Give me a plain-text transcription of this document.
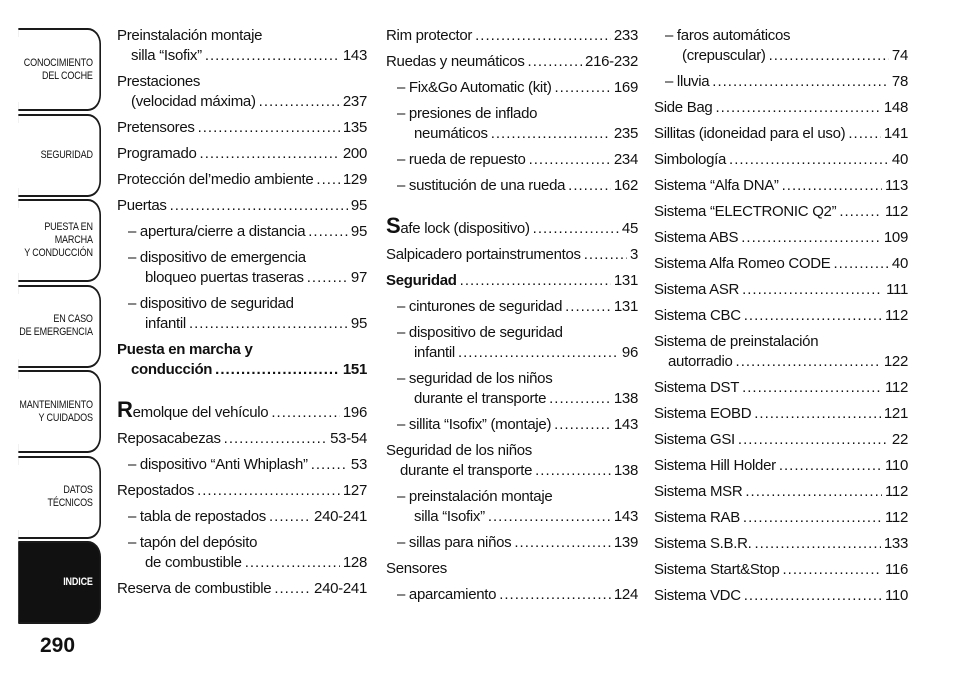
CONOCIMIENTO
DEL COCHE
SEGURIDAD
PUESTA EN MARCHA
Y CONDUCCIÓN
EN CASO
DE EMERGENCIA
MANTENIMIENTO
Y CUIDADOS
DATOS TÉCNICOS
INDICE
290
Preinstalación montaje
silla “Isofix” .....	143
Prestaciones
(velocidad máxima) .....	237
Pretensores .....	135
Programado .....	200
Protección del’medio ambiente ..... 129
Puertas .....	95
– apertura/cierre a distancia .....	95
– dispositivo de emergencia
bloqueo puertas traseras .....	97
– dispositivo de seguridad
infantil .....	95
Puesta en marcha y
conducción .....	151
Remolque del vehículo .....	196
Reposacabezas .....	53-54
– dispositivo “Anti Whiplash” .....	53
Repostados .....	127
– tabla de repostados .....	240-241
– tapón del depósito
de combustible .....	128
Reserva de combustible .....	240-241
Rim protector .....	233
Ruedas y neumáticos .....	216-232
– Fix&Go Automatic (kit) .....	169
– presiones de inflado
neumáticos .....	235
– rueda de repuesto .....	234
– sustitución de una rueda .....	162
Safe lock (dispositivo) .....	45
Salpicadero portainstrumentos .....	3
Seguridad .....	131
– cinturones de seguridad .....	131
– dispositivo de seguridad
infantil .....	96
– seguridad de los niños
durante el transporte .....	138
– sillita “Isofix” (montaje) .....	143
Seguridad de los niños
durante el transporte .....	138
– preinstalación montaje
silla “Isofix” .....	143
– sillas para niños .....	139
Sensores
– aparcamiento .....	124
– faros automáticos
(crepuscular) .....	74
– lluvia .....	78
Side Bag .....	148
Sillitas (idoneidad para el uso) .....	141
Simbología .....	40
Sistema “Alfa DNA” .....	113
Sistema “ELECTRONIC Q2” .....	112
Sistema ABS .....	109
Sistema Alfa Romeo CODE .....	40
Sistema ASR .....	111
Sistema CBC .....	112
Sistema de preinstalación
autorradio .....	122
Sistema DST .....	112
Sistema EOBD .....	121
Sistema GSI .....	22
Sistema Hill Holder .....	110
Sistema MSR .....	112
Sistema RAB .....	112
Sistema S.B.R. .....	133
Sistema Start&Stop .....	116
Sistema VDC .....	110
